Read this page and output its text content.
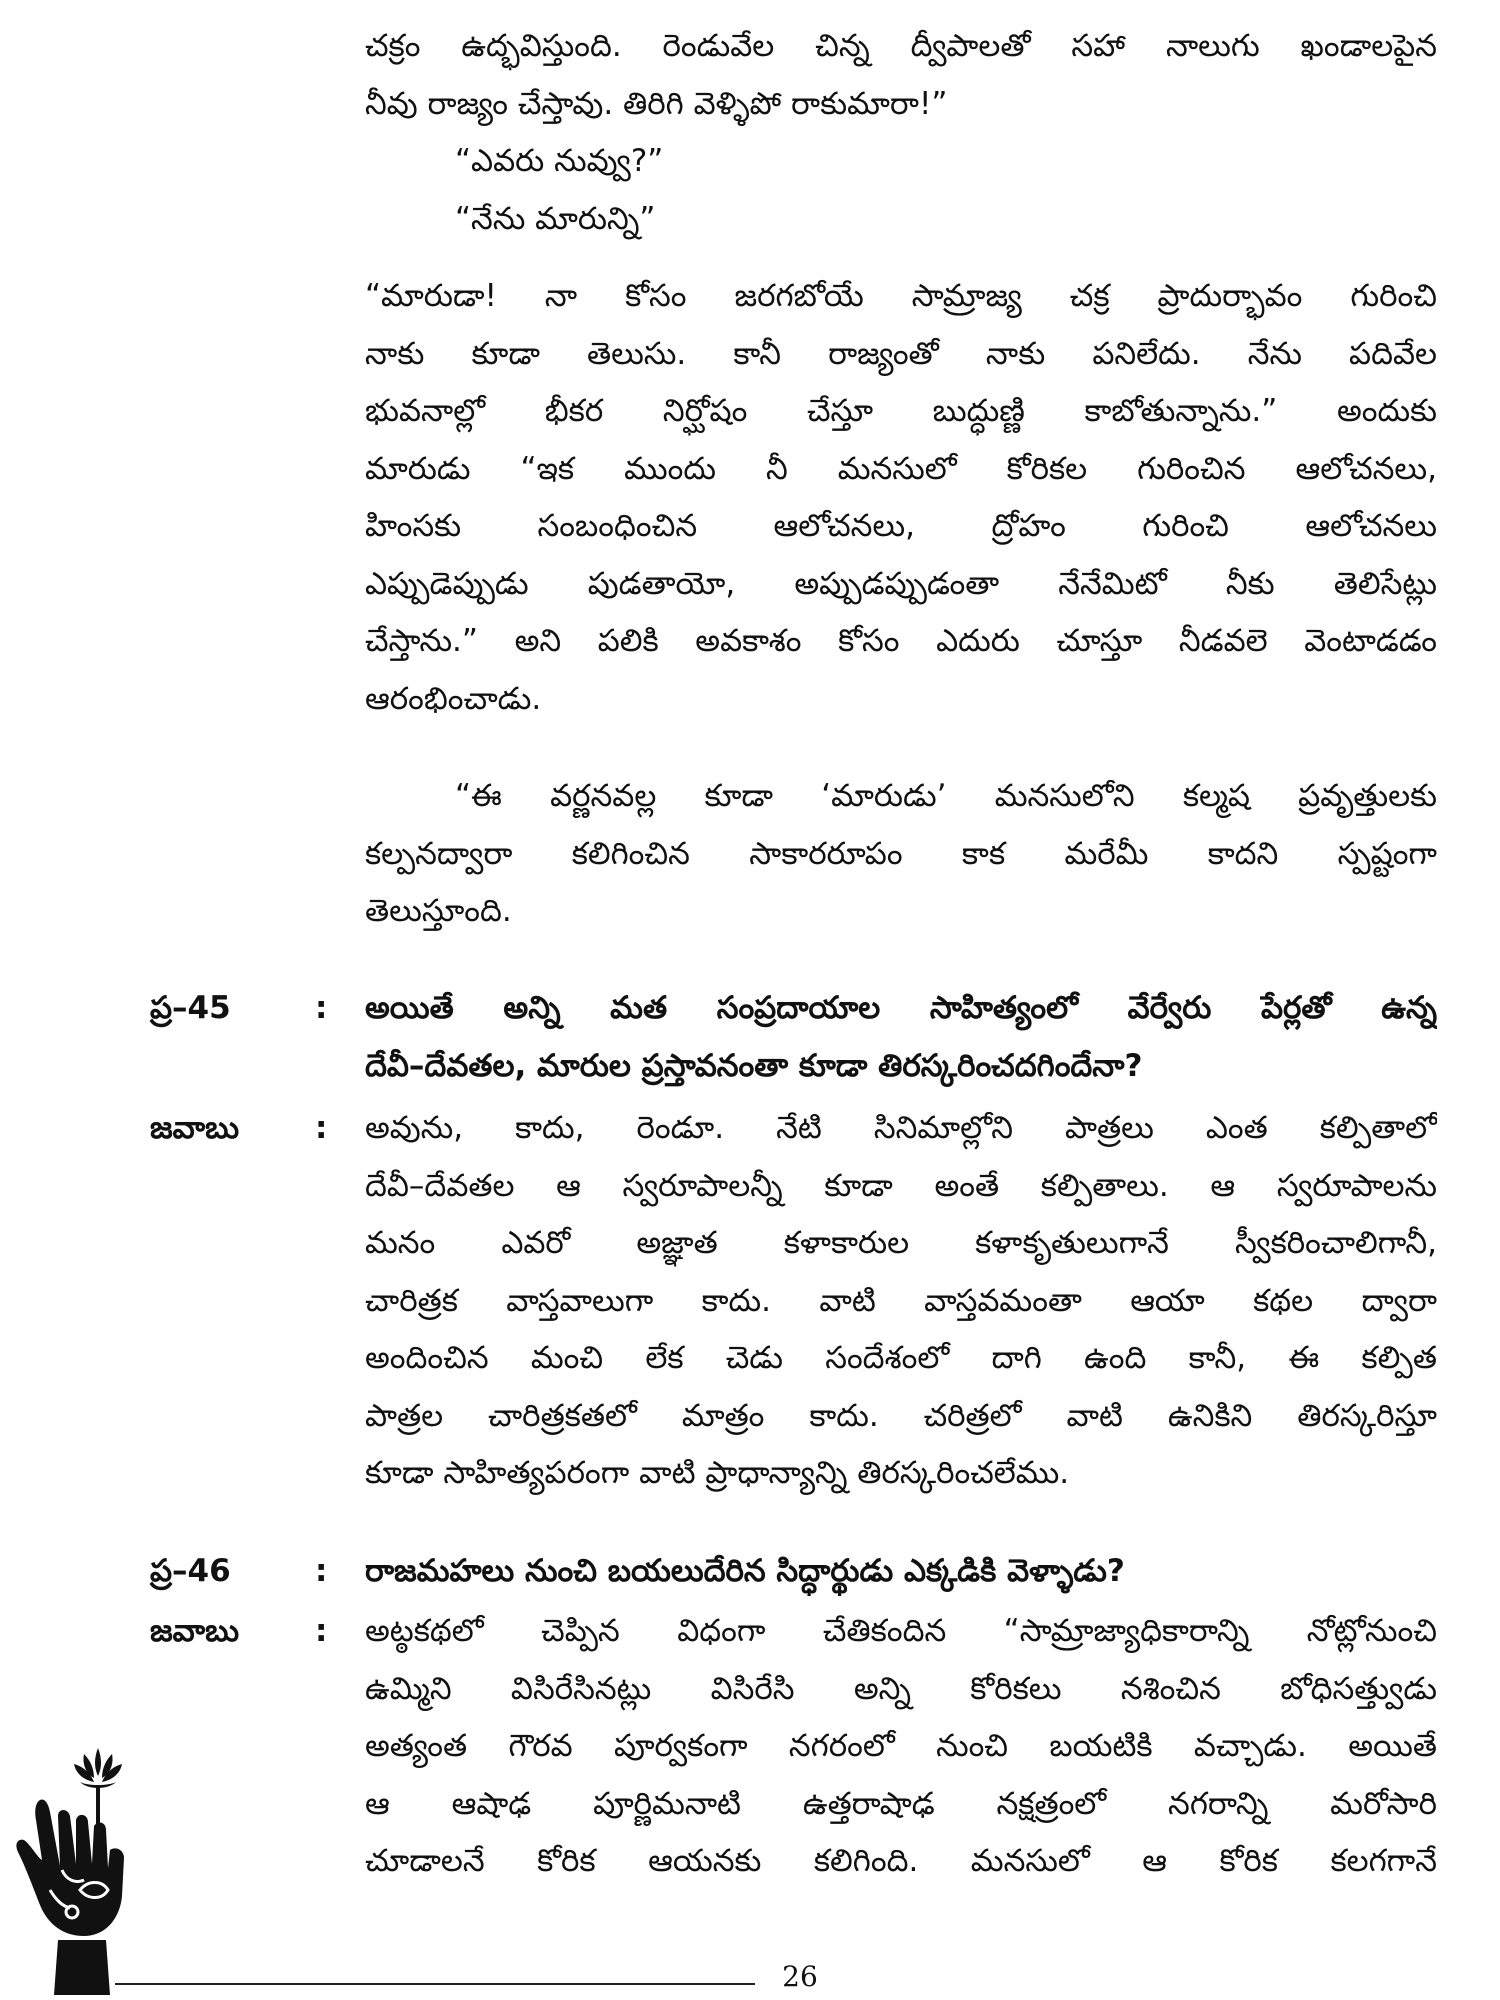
చక్రం ఉద్భవిస్తుంది. రెండువేల చిన్న ద్వీపాలతో సహా నాలుగు ఖండాలపైన
నీవు రాజ్యం చేస్తావు. తిరిగి వెళ్ళిపో రాకుమారా!”
“ఎవరు నువ్వు?”
“నేను మారున్ని”
“మారుడా! నా కోసం జరగబోయే సామ్రాజ్య చక్ర ప్రాదుర్భావం గురించి
నాకు కూడా తెలుసు. కానీ రాజ్యంతో నాకు పనిలేదు. నేను పదివేల
భువనాల్లో భీకర నిర్ఘోషం చేస్తూ బుద్ధుణ్ణి కాబోతున్నాను.” అందుకు
మారుడు “ఇక ముందు నీ మనసులో కోరికల గురించిన ఆలోచనలు,
హింసకు సంబంధించిన ఆలోచనలు, ద్రోహం గురించి ఆలోచనలు
ఎప్పుడెప్పుడు పుడతాయో, అప్పుడప్పుడంతా నేనేమిటో నీకు తెలిసేట్లు
చేస్తాను.” అని పలికి అవకాశం కోసం ఎదురు చూస్తూ నీడవలె వెంటాడడం
ఆరంభించాడు.
“ఈ వర్ణనవల్ల కూడా ‘మారుడు’ మనసులోని కల్మష ప్రవృత్తులకు
కల్పనద్వారా కలిగించిన సాకారరూపం కాక మరేమీ కాదని స్పష్టంగా
తెలుస్తూంది.
ప్ర–45	: అయితే అన్ని మత సంప్రదాయాల సాహిత్యంలో వేర్వేరు పేర్లతో ఉన్న
దేవీ–దేవతల, మారుల ప్రస్తావనంతా కూడా తిరస్కరించదగిందేనా?
జవాబు	: అవును, కాదు, రెండూ. నేటి సినిమాల్లోని పాత్రలు ఎంత కల్పితాలో
దేవీ–దేవతల ఆ స్వరూపాలన్నీ కూడా అంతే కల్పితాలు. ఆ స్వరూపాలను
మనం ఎవరో అజ్ఞాత కళాకారుల కళాకృతులుగానే స్వీకరించాలిగానీ,
చారిత్రక వాస్తవాలుగా కాదు. వాటి వాస్తవమంతా ఆయా కథల ద్వారా
అందించిన మంచి లేక చెడు సందేశంలో దాగి ఉంది కానీ, ఈ కల్పిత
పాత్రల చారిత్రకతలో మాత్రం కాదు. చరిత్రలో వాటి ఉనికిని తిరస్కరిస్తూ
కూడా సాహిత్యపరంగా వాటి ప్రాధాన్యాన్ని తిరస్కరించలేము.
ప్ర–46	: రాజమహలు నుంచి బయలుదేరిన సిద్ధార్థుడు ఎక్కడికి వెళ్ళాడు?
జవాబు	: అట్ఠకథలో చెప్పిన విధంగా చేతికందిన “సామ్రాజ్యాధికారాన్ని నోట్లోనుంచి
ఉమ్మిని విసిరేసినట్లు విసిరేసి అన్ని కోరికలు నశించిన బోధిసత్త్వుడు
అత్యంత గౌరవ పూర్వకంగా నగరంలో నుంచి బయటికి వచ్చాడు. అయితే
ఆ ఆషాఢ పూర్ణిమనాటి ఉత్తరాషాఢ నక్షత్రంలో నగరాన్ని మరోసారి
చూడాలనే కోరిక ఆయనకు కలిగింది. మనసులో ఆ కోరిక కలగగానే
26
